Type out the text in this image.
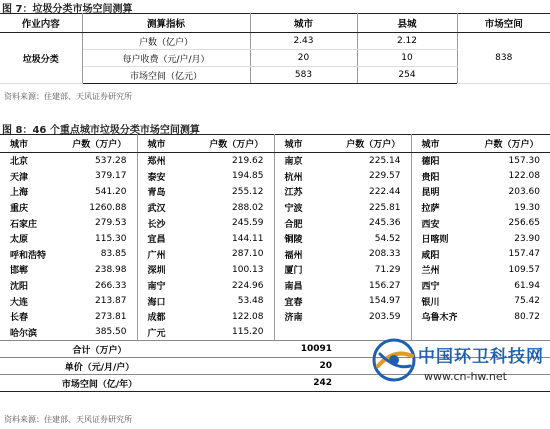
图 7：垃圾分类市场空间测算
作业内容	测算指标	城市	县城	市场空间
垃圾分类	户数（亿户）	2.43	2.12	838
	每户收费（元/户/月）	20	10	
	市场空间（亿元）	583	254	
资料来源：住建部、天风证券研究所
图 8：46 个重点城市垃圾分类市场空间测算
城市	户数（万户）	城市	户数（万户）	城市	户数（万户）	城市	户数（万户）
北京	537.28	郑州	219.62	南京	225.14	德阳	157.30
天津	379.17	泰安	194.85	杭州	229.57	贵阳	122.08
上海	541.20	青岛	255.12	江苏	222.44	昆明	203.60
重庆	1260.88	武汉	288.02	宁波	225.81	拉萨	19.30
石家庄	279.53	长沙	245.59	合肥	245.36	西安	256.65
太原	115.30	宜昌	144.11	铜陵	54.52	日喀则	23.90
呼和浩特	83.85	广州	287.10	福州	208.33	咸阳	157.47
邯郸	238.98	深圳	100.13	厦门	71.29	兰州	109.57
沈阳	266.33	南宁	224.96	南昌	156.27	西宁	61.94
大连	213.87	海口	53.48	宜春	154.97	银川	75.42
长春	273.81	成都	122.08	济南	203.59	乌鲁木齐	80.72
哈尔滨	385.50	广元	115.20				
合计（万户）			10091				
单价（元/月/户）			20				
市场空间（亿/年）			242				
资料来源：住建部、天风证券研究所
中国环卫科技网
www.cn-hw.net
